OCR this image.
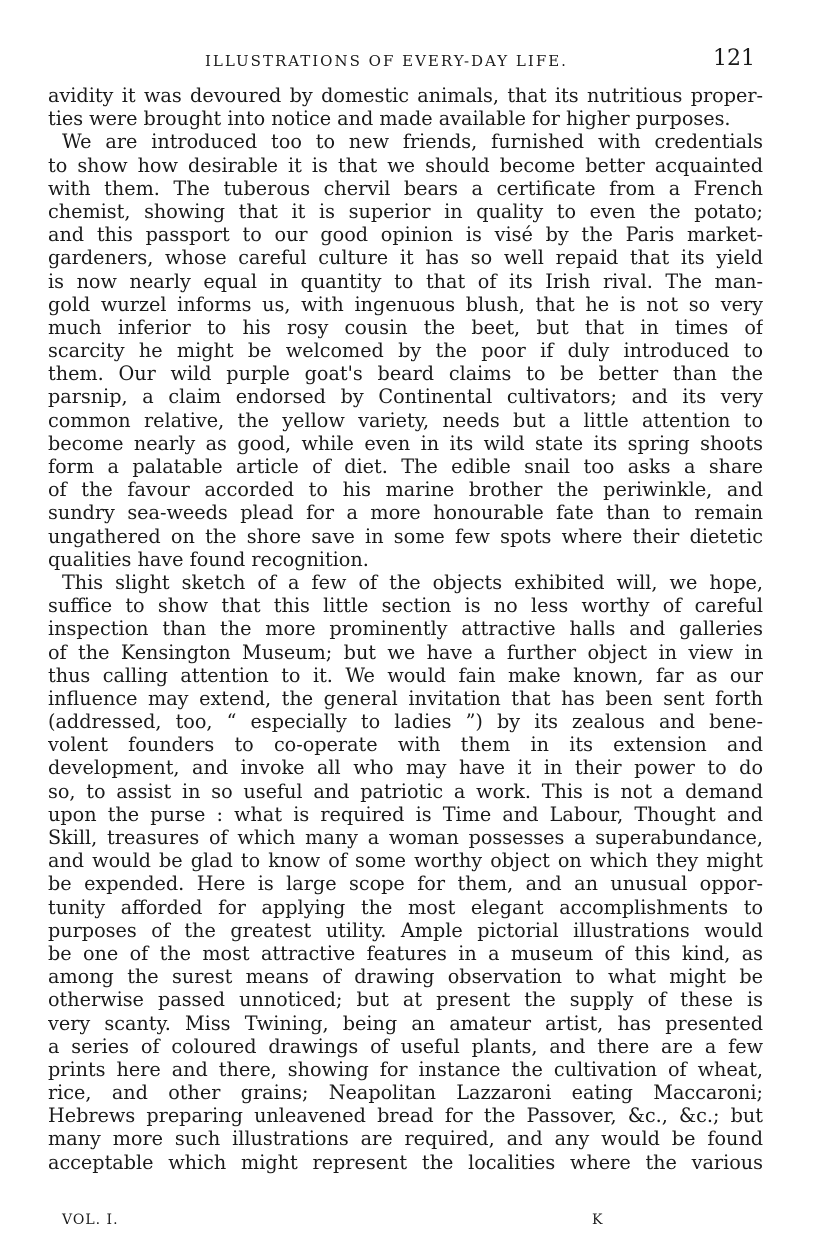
ILLUSTRATIONS OF EVERY-DAY LIFE.	121
avidity it was devoured by domestic animals, that its nutritious proper-
ties were brought into notice and made available for higher purposes.
We are introduced too to new friends, furnished with credentials
to show how desirable it is that we should become better acquainted
with them. The tuberous chervil bears a certificate from a French
chemist, showing that it is superior in quality to even the potato;
and this passport to our good opinion is visé by the Paris market-
gardeners, whose careful culture it has so well repaid that its yield
is now nearly equal in quantity to that of its Irish rival. The man-
gold wurzel informs us, with ingenuous blush, that he is not so very
much inferior to his rosy cousin the beet, but that in times of
scarcity he might be welcomed by the poor if duly introduced to
them. Our wild purple goat's beard claims to be better than the
parsnip, a claim endorsed by Continental cultivators; and its very
common relative, the yellow variety, needs but a little attention to
become nearly as good, while even in its wild state its spring shoots
form a palatable article of diet. The edible snail too asks a share
of the favour accorded to his marine brother the periwinkle, and
sundry sea-weeds plead for a more honourable fate than to remain
ungathered on the shore save in some few spots where their dietetic
qualities have found recognition.
This slight sketch of a few of the objects exhibited will, we hope,
suffice to show that this little section is no less worthy of careful
inspection than the more prominently attractive halls and galleries
of the Kensington Museum; but we have a further object in view in
thus calling attention to it. We would fain make known, far as our
influence may extend, the general invitation that has been sent forth
(addressed, too, “ especially to ladies ”) by its zealous and bene-
volent founders to co-operate with them in its extension and
development, and invoke all who may have it in their power to do
so, to assist in so useful and patriotic a work. This is not a demand
upon the purse : what is required is Time and Labour, Thought and
Skill, treasures of which many a woman possesses a superabundance,
and would be glad to know of some worthy object on which they might
be expended. Here is large scope for them, and an unusual oppor-
tunity afforded for applying the most elegant accomplishments to
purposes of the greatest utility. Ample pictorial illustrations would
be one of the most attractive features in a museum of this kind, as
among the surest means of drawing observation to what might be
otherwise passed unnoticed; but at present the supply of these is
very scanty. Miss Twining, being an amateur artist, has presented
a series of coloured drawings of useful plants, and there are a few
prints here and there, showing for instance the cultivation of wheat,
rice, and other grains; Neapolitan Lazzaroni eating Maccaroni;
Hebrews preparing unleavened bread for the Passover, &c., &c.; but
many more such illustrations are required, and any would be found
acceptable which might represent the localities where the various
VOL. I.	K
